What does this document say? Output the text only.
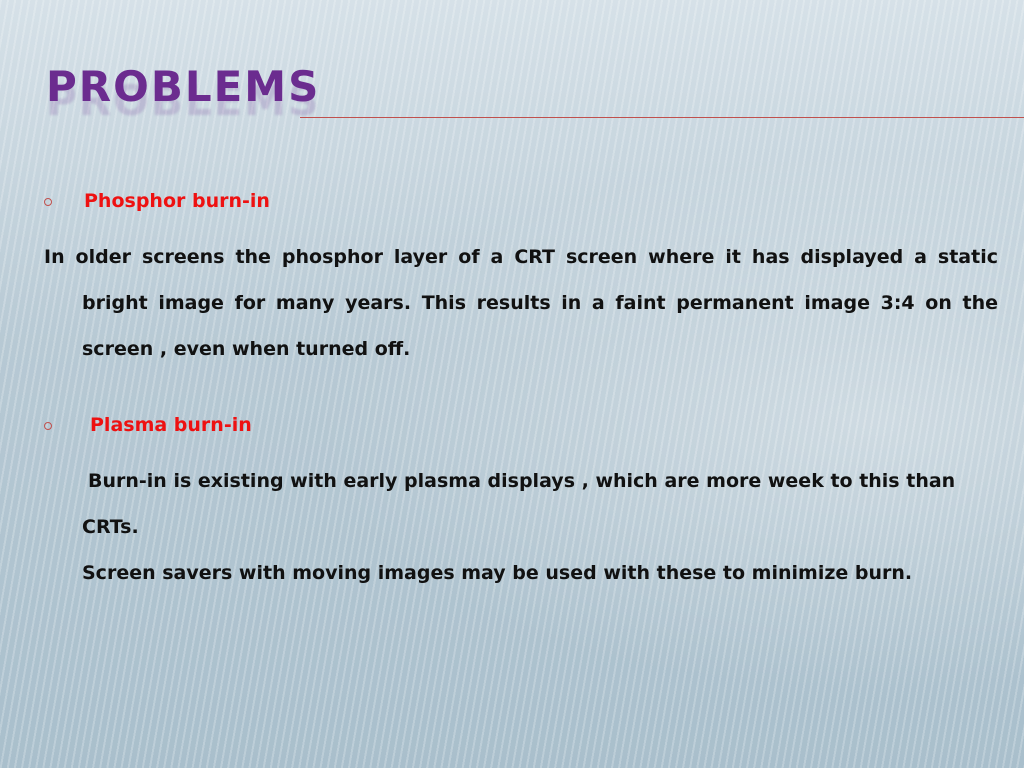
PROBLEMS
Phosphor burn-in

In older screens the phosphor layer of a CRT screen where it has displayed a static bright image for many years. This results in a faint permanent image 3:4 on the screen , even when turned off.

Plasma burn-in

Burn-in is existing with early plasma displays , which are more week to this than CRTs.

Screen savers with moving images may be used with these to minimize burn.
